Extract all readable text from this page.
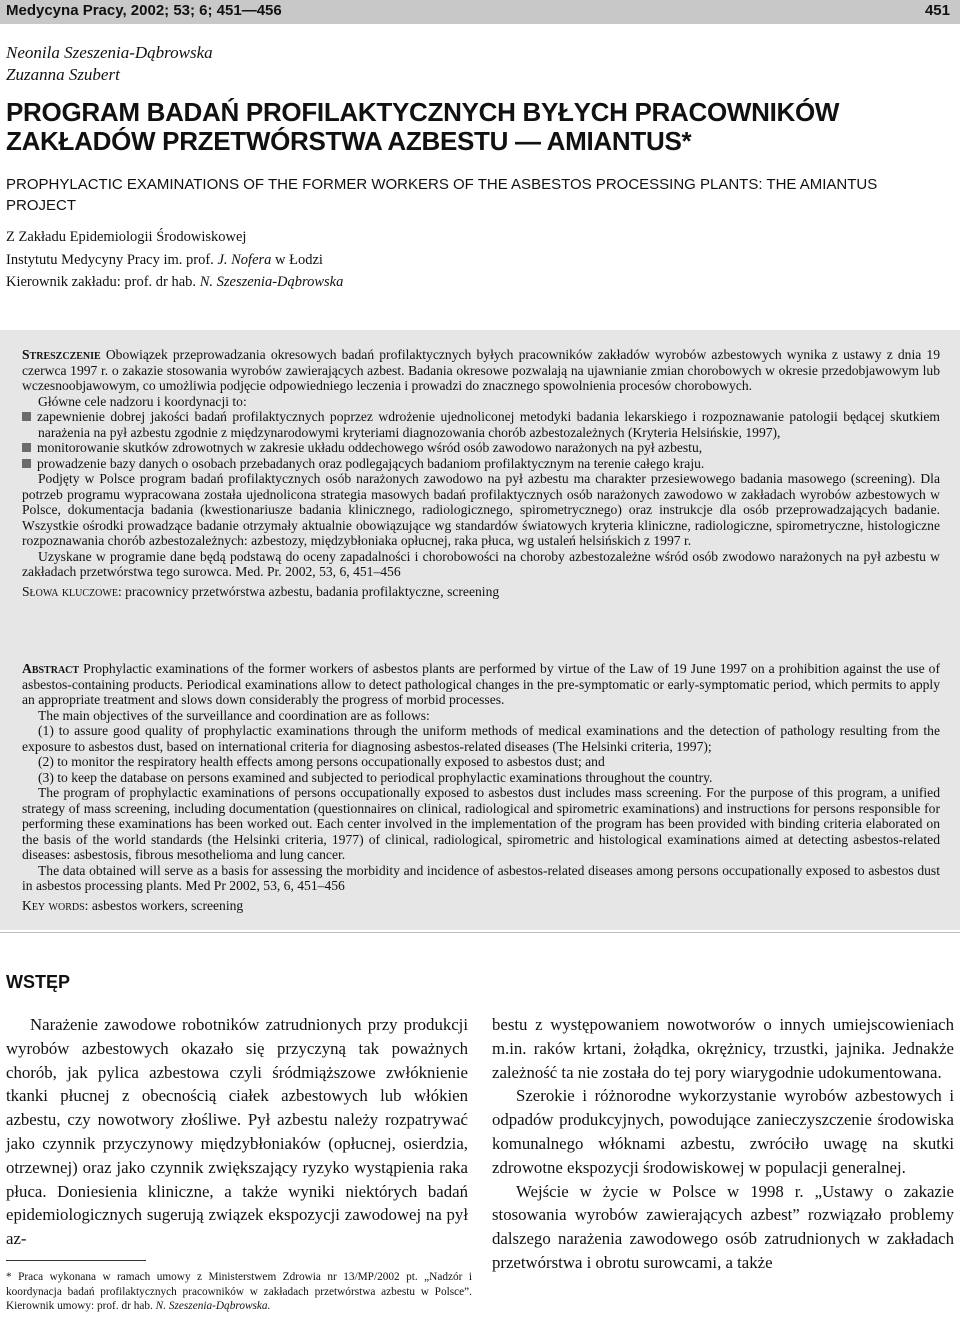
Medycyna Pracy, 2002; 53; 6; 451—456	451
Neonila Szeszenia-Dąbrowska
Zuzanna Szubert
PROGRAM BADAŃ PROFILAKTYCZNYCH BYŁYCH PRACOWNIKÓW ZAKŁADÓW PRZETWÓRSTWA AZBESTU — AMIANTUS*
PROPHYLACTIC EXAMINATIONS OF THE FORMER WORKERS OF THE ASBESTOS PROCESSING PLANTS: THE AMIANTUS PROJECT
Z Zakładu Epidemiologii Środowiskowej
Instytutu Medycyny Pracy im. prof. J. Nofera w Łodzi
Kierownik zakładu: prof. dr hab. N. Szeszenia-Dąbrowska
Streszczenie Obowiązek przeprowadzania okresowych badań profilaktycznych byłych pracowników zakładów wyrobów azbestowych wynika z ustawy z dnia 19 czerwca 1997 r. o zakazie stosowania wyrobów zawierających azbest. Badania okresowe pozwalają na ujawnianie zmian chorobowych w okresie przedobjawowym lub wczesnoobjawowym, co umożliwia podjęcie odpowiedniego leczenia i prowadzi do znacznego spowolnienia procesów chorobowych.
Główne cele nadzoru i koordynacji to:
zapewnienie dobrej jakości badań profilaktycznych poprzez wdrożenie ujednoliconej metodyki badania lekarskiego i rozpoznawanie patologii będącej skutkiem narażenia na pył azbestu zgodnie z międzynarodowymi kryteriami diagnozowania chorób azbestozależnych (Kryteria Helsińskie, 1997),
monitorowanie skutków zdrowotnych w zakresie układu oddechowego wśród osób zawodowo narażonych na pył azbestu,
prowadzenie bazy danych o osobach przebadanych oraz podlegających badaniom profilaktycznym na terenie całego kraju.
Podjęty w Polsce program badań profilaktycznych osób narażonych zawodowo na pył azbestu ma charakter przesiewowego badania masowego (screening). Dla potrzeb programu wypracowana została ujednolicona strategia masowych badań profilaktycznych osób narażonych zawodowo w zakładach wyrobów azbestowych w Polsce, dokumentacja badania (kwestionariusze badania klinicznego, radiologicznego, spirometrycznego) oraz instrukcje dla osób przeprowadzających badanie. Wszystkie ośrodki prowadzące badanie otrzymały aktualnie obowiązujące wg standardów światowych kryteria kliniczne, radiologiczne, spirometryczne, histologiczne rozpoznawania chorób azbestozależnych: azbestozy, międzybłoniaka opłucnej, raka płuca, wg ustaleń helsińskich z 1997 r.
Uzyskane w programie dane będą podstawą do oceny zapadalności i chorobowości na choroby azbestozależne wśród osób zwodowo narażonych na pył azbestu w zakładach przetwórstwa tego surowca. Med. Pr. 2002, 53, 6, 451–456
Słowa kluczowe: pracownicy przetwórstwa azbestu, badania profilaktyczne, screening
Abstract Prophylactic examinations of the former workers of asbestos plants are performed by virtue of the Law of 19 June 1997 on a prohibition against the use of asbestos-containing products. Periodical examinations allow to detect pathological changes in the pre-symptomatic or early-symptomatic period, which permits to apply an appropriate treatment and slows down considerably the progress of morbid processes.
The main objectives of the surveillance and coordination are as follows:
(1) to assure good quality of prophylactic examinations through the uniform methods of medical examinations and the detection of pathology resulting from the exposure to asbestos dust, based on international criteria for diagnosing asbestos-related diseases (The Helsinki criteria, 1997);
(2) to monitor the respiratory health effects among persons occupationally exposed to asbestos dust; and
(3) to keep the database on persons examined and subjected to periodical prophylactic examinations throughout the country.
The program of prophylactic examinations of persons occupationally exposed to asbestos dust includes mass screening. For the purpose of this program, a unified strategy of mass screening, including documentation (questionnaires on clinical, radiological and spirometric examinations) and instructions for persons responsible for performing these examinations has been worked out. Each center involved in the implementation of the program has been provided with binding criteria elaborated on the basis of the world standards (the Helsinki criteria, 1977) of clinical, radiological, spirometric and histological examinations aimed at detecting asbestos-related diseases: asbestosis, fibrous mesothelioma and lung cancer.
The data obtained will serve as a basis for assessing the morbidity and incidence of asbestos-related diseases among persons occupationally exposed to asbestos dust in asbestos processing plants. Med Pr 2002, 53, 6, 451–456
Key words: asbestos workers, screening
WSTĘP

Narażenie zawodowe robotników zatrudnionych przy produkcji wyrobów azbestowych okazało się przyczyną tak poważnych chorób, jak pylica azbestowa czyli śródmiąższowe zwłóknienie tkanki płucnej z obecnością ciałek azbestowych lub włókien azbestu, czy nowotwory złośliwe. Pył azbestu należy rozpatrywać jako czynnik przyczynowy międzybłoniaków (opłucnej, osierdzia, otrzewnej) oraz jako czynnik zwiększający ryzyko wystąpienia raka płuca. Doniesienia kliniczne, a także wyniki niektórych badań epidemiologicznych sugerują związek ekspozycji zawodowej na pył az-

bestu z występowaniem nowotworów o innych umiejscowieniach m.in. raków krtani, żołądka, okrężnicy, trzustki, jajnika. Jednakże zależność ta nie została do tej pory wiarygodnie udokumentowana.

Szerokie i różnorodne wykorzystanie wyrobów azbestowych i odpadów produkcyjnych, powodujące zanieczyszczenie środowiska komunalnego włóknami azbestu, zwróciło uwagę na skutki zdrowotne ekspozycji środowiskowej w populacji generalnej.

Wejście w życie w Polsce w 1998 r. „Ustawy o zakazie stosowania wyrobów zawierających azbest” rozwiązało problemy dalszego narażenia zawodowego osób zatrudnionych w zakładach przetwórstwa i obrotu surowcami, a także

* Praca wykonana w ramach umowy z Ministerstwem Zdrowia nr 13/MP/2002 pt. „Nadzór i koordynacja badań profilaktycznych pracowników w zakładach przetwórstwa azbestu w Polsce”. Kierownik umowy: prof. dr hab. N. Szeszenia-Dąbrowska.
